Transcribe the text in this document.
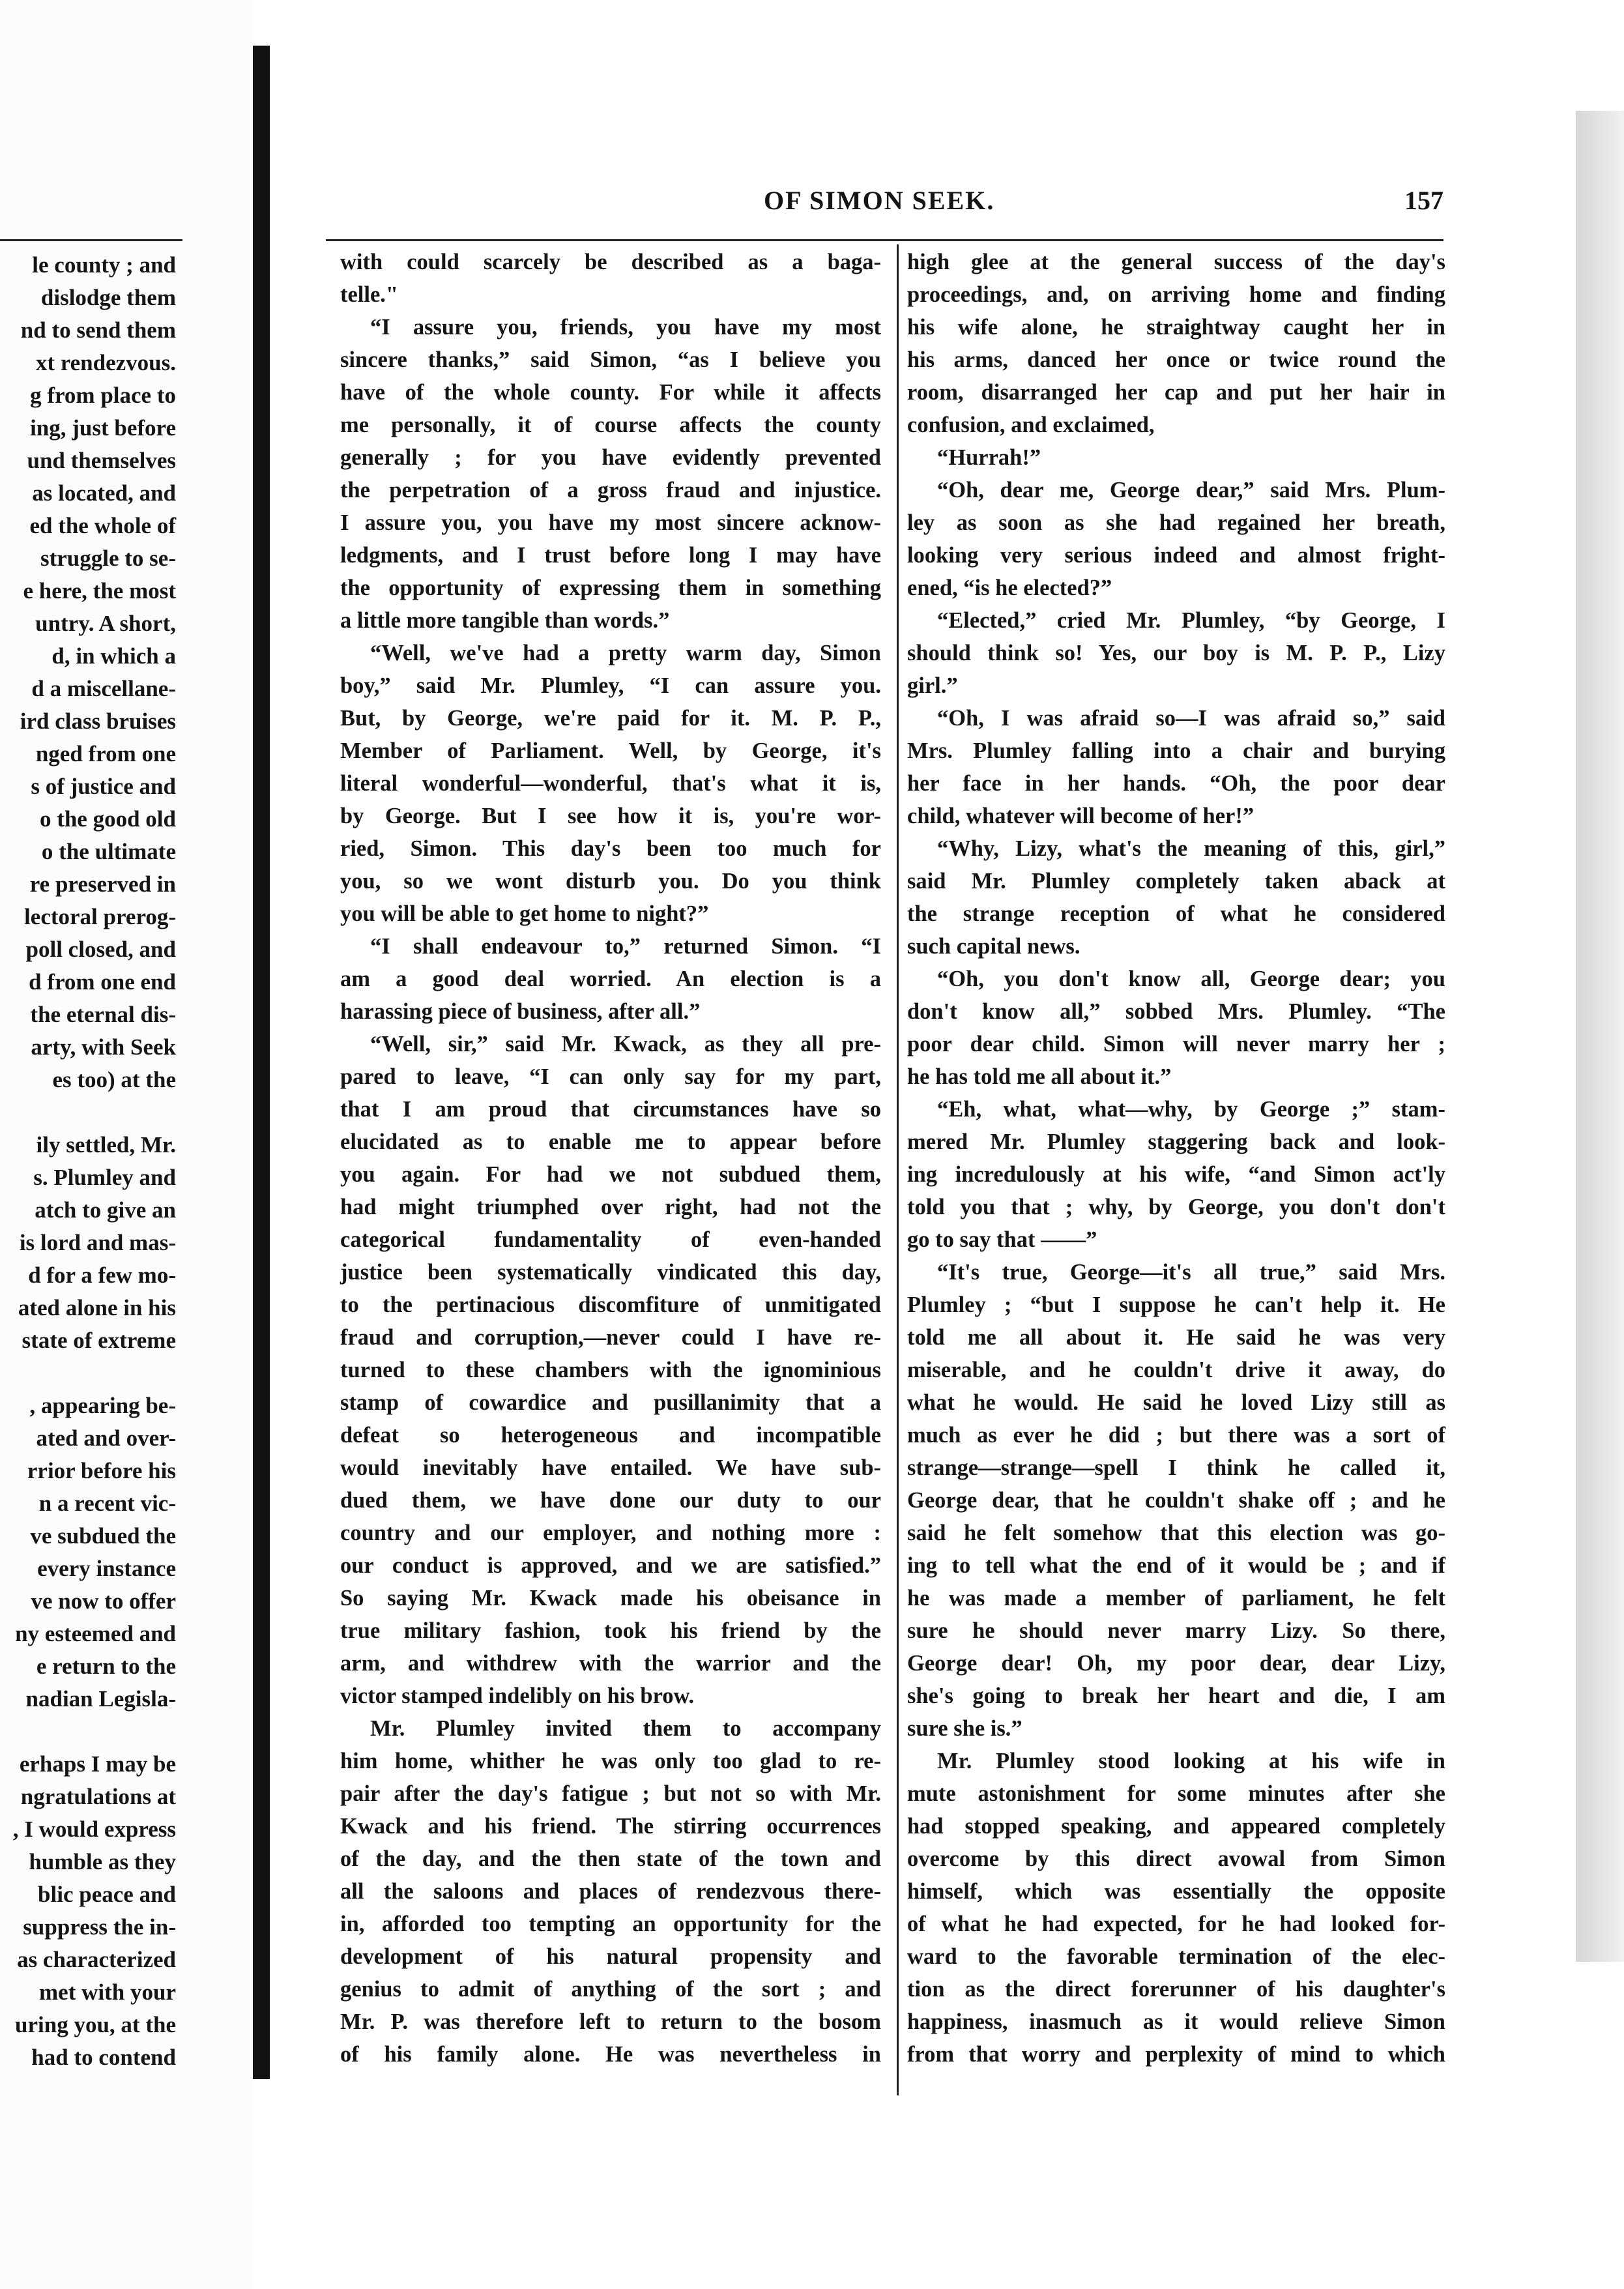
le county ; and
dislodge them
nd to send them
xt rendezvous.
g from place to
ing, just before
und themselves
as located, and
ed the whole of
struggle to se-
e here, the most
untry. A short,
d, in which a
d a miscellane-
ird class bruises
nged from one
s of justice and
o the good old
o the ultimate
re preserved in
lectoral prerog-
poll closed, and
d from one end
the eternal dis-
arty, with Seek
es too) at the
ily settled, Mr.
s. Plumley and
atch to give an
is lord and mas-
d for a few mo-
ated alone in his
state of extreme
, appearing be-
ated and over-
rrior before his
n a recent vic-
ve subdued the
every instance
ve now to offer
ny esteemed and
e return to the
nadian Legisla-
erhaps I may be
ngratulations at
, I would express
humble as they
blic peace and
suppress the in-
as characterized
met with your
uring you, at the
had to contend
OF SIMON SEEK.	157
with could scarcely be described as a baga-
telle."
“I assure you, friends, you have my most
sincere thanks,” said Simon, “as I believe you
have of the whole county. For while it affects
me personally, it of course affects the county
generally ; for you have evidently prevented
the perpetration of a gross fraud and injustice.
I assure you, you have my most sincere acknow-
ledgments, and I trust before long I may have
the opportunity of expressing them in something
a little more tangible than words.”
“Well, we've had a pretty warm day, Simon
boy,” said Mr. Plumley, “I can assure you.
But, by George, we're paid for it. M. P. P.,
Member of Parliament. Well, by George, it's
literal wonderful—wonderful, that's what it is,
by George. But I see how it is, you're wor-
ried, Simon. This day's been too much for
you, so we wont disturb you. Do you think
you will be able to get home to night?”
“I shall endeavour to,” returned Simon. “I
am a good deal worried. An election is a
harassing piece of business, after all.”
“Well, sir,” said Mr. Kwack, as they all pre-
pared to leave, “I can only say for my part,
that I am proud that circumstances have so
elucidated as to enable me to appear before
you again. For had we not subdued them,
had might triumphed over right, had not the
categorical fundamentality of even-handed
justice been systematically vindicated this day,
to the pertinacious discomfiture of unmitigated
fraud and corruption,—never could I have re-
turned to these chambers with the ignominious
stamp of cowardice and pusillanimity that a
defeat so heterogeneous and incompatible
would inevitably have entailed. We have sub-
dued them, we have done our duty to our
country and our employer, and nothing more :
our conduct is approved, and we are satisfied.”
So saying Mr. Kwack made his obeisance in
true military fashion, took his friend by the
arm, and withdrew with the warrior and the
victor stamped indelibly on his brow.
Mr. Plumley invited them to accompany
him home, whither he was only too glad to re-
pair after the day's fatigue ; but not so with Mr.
Kwack and his friend. The stirring occurrences
of the day, and the then state of the town and
all the saloons and places of rendezvous there-
in, afforded too tempting an opportunity for the
development of his natural propensity and
genius to admit of anything of the sort ; and
Mr. P. was therefore left to return to the bosom
of his family alone. He was nevertheless in
high glee at the general success of the day's
proceedings, and, on arriving home and finding
his wife alone, he straightway caught her in
his arms, danced her once or twice round the
room, disarranged her cap and put her hair in
confusion, and exclaimed,
“Hurrah!”
“Oh, dear me, George dear,” said Mrs. Plum-
ley as soon as she had regained her breath,
looking very serious indeed and almost fright-
ened, “is he elected?”
“Elected,” cried Mr. Plumley, “by George, I
should think so! Yes, our boy is M. P. P., Lizy
girl.”
“Oh, I was afraid so—I was afraid so,” said
Mrs. Plumley falling into a chair and burying
her face in her hands. “Oh, the poor dear
child, whatever will become of her!”
“Why, Lizy, what's the meaning of this, girl,”
said Mr. Plumley completely taken aback at
the strange reception of what he considered
such capital news.
“Oh, you don't know all, George dear; you
don't know all,” sobbed Mrs. Plumley. “The
poor dear child. Simon will never marry her ;
he has told me all about it.”
“Eh, what, what—why, by George ;” stam-
mered Mr. Plumley staggering back and look-
ing incredulously at his wife, “and Simon act'ly
told you that ; why, by George, you don't don't
go to say that ——”
“It's true, George—it's all true,” said Mrs.
Plumley ; “but I suppose he can't help it. He
told me all about it. He said he was very
miserable, and he couldn't drive it away, do
what he would. He said he loved Lizy still as
much as ever he did ; but there was a sort of
strange—strange—spell I think he called it,
George dear, that he couldn't shake off ; and he
said he felt somehow that this election was go-
ing to tell what the end of it would be ; and if
he was made a member of parliament, he felt
sure he should never marry Lizy. So there,
George dear! Oh, my poor dear, dear Lizy,
she's going to break her heart and die, I am
sure she is.”
Mr. Plumley stood looking at his wife in
mute astonishment for some minutes after she
had stopped speaking, and appeared completely
overcome by this direct avowal from Simon
himself, which was essentially the opposite
of what he had expected, for he had looked for-
ward to the favorable termination of the elec-
tion as the direct forerunner of his daughter's
happiness, inasmuch as it would relieve Simon
from that worry and perplexity of mind to which
